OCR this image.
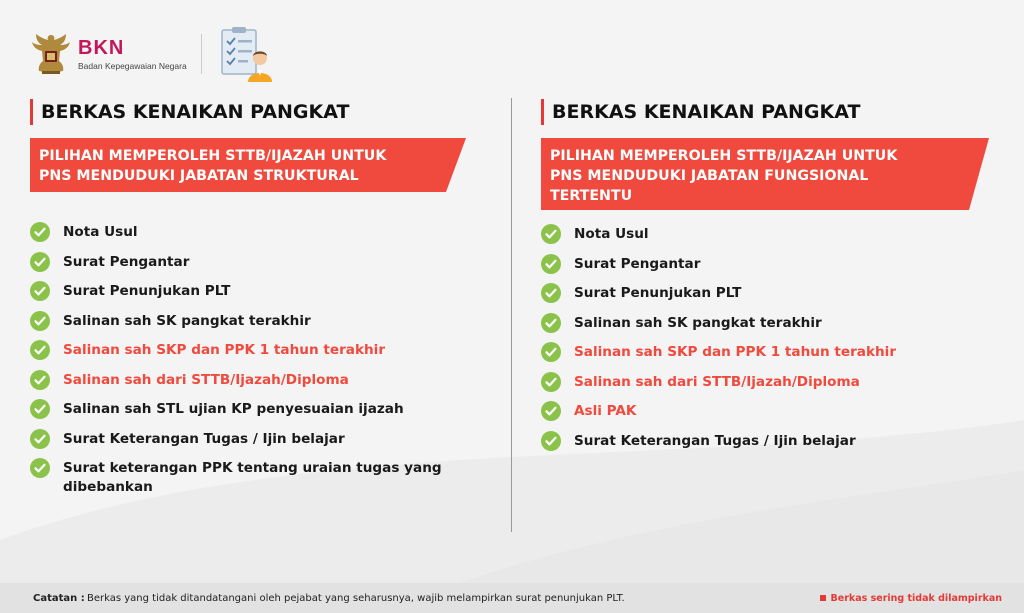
BKN
Badan Kepegawaian Negara
BERKAS KENAIKAN PANGKAT
PILIHAN MEMPEROLEH STTB/IJAZAH UNTUK
PNS MENDUDUKI JABATAN STRUKTURAL
Nota Usul
Surat Pengantar
Surat Penunjukan PLT
Salinan sah SK pangkat terakhir
Salinan sah SKP dan PPK 1 tahun terakhir
Salinan sah dari STTB/Ijazah/Diploma
Salinan sah STL ujian KP penyesuaian ijazah
Surat Keterangan Tugas / Ijin belajar
Surat keterangan PPK tentang uraian tugas yang dibebankan
BERKAS KENAIKAN PANGKAT
PILIHAN MEMPEROLEH STTB/IJAZAH UNTUK
PNS MENDUDUKI JABATAN FUNGSIONAL
TERTENTU
Nota Usul
Surat Pengantar
Surat Penunjukan PLT
Salinan sah SK pangkat terakhir
Salinan sah SKP dan PPK 1 tahun terakhir
Salinan sah dari STTB/Ijazah/Diploma
Asli PAK
Surat Keterangan Tugas / Ijin belajar
Catatan : Berkas yang tidak ditandatangani oleh pejabat yang seharusnya, wajib melampirkan surat penunjukan PLT.	Berkas sering tidak dilampirkan
